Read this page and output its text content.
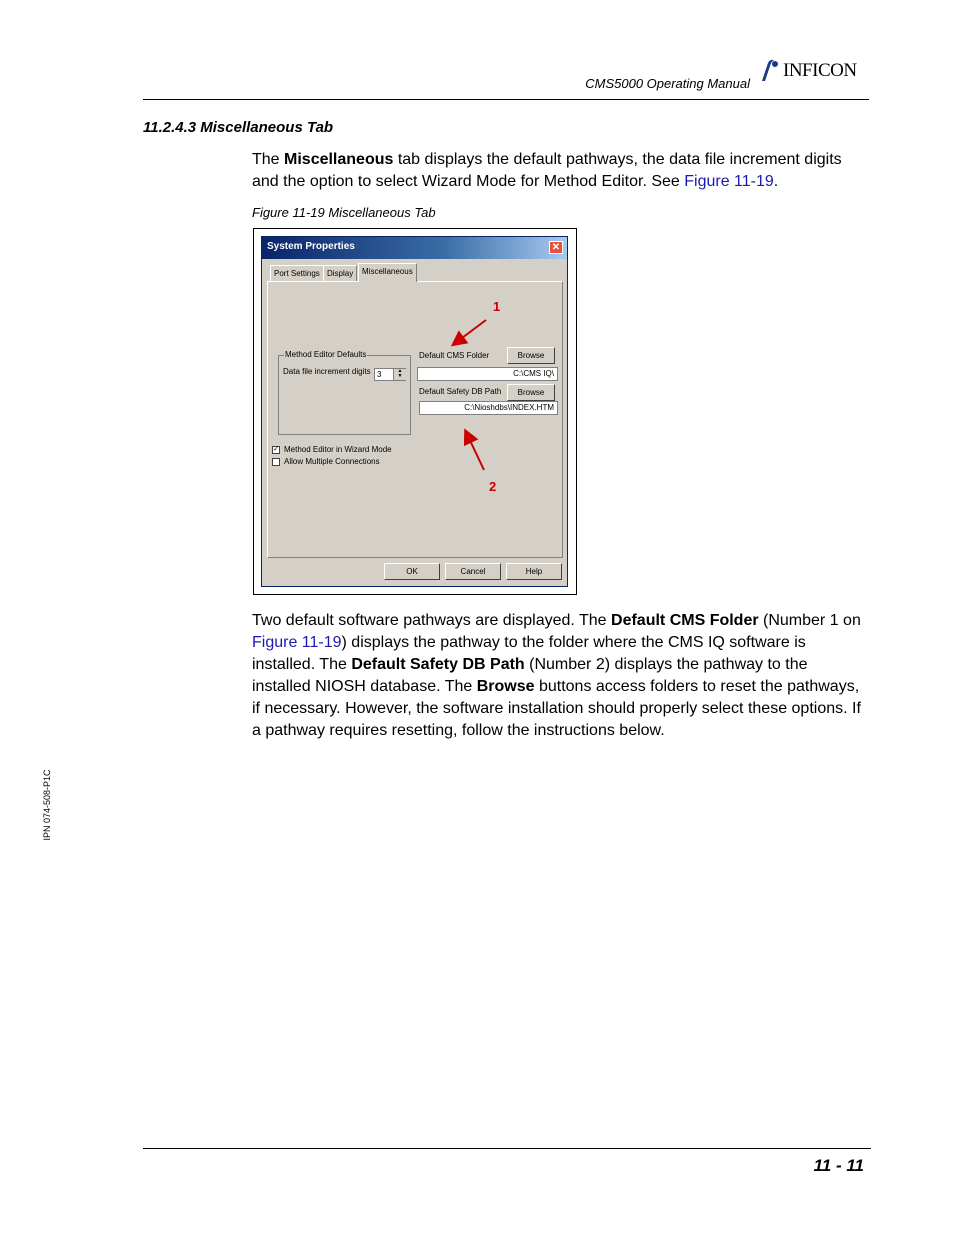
CMS5000 Operating Manual
INFICON
11.2.4.3 Miscellaneous Tab
The Miscellaneous tab displays the default pathways, the data file increment digits and the option to select Wizard Mode for Method Editor. See Figure 11-19.
Figure 11-19 Miscellaneous Tab
System Properties	✕
Port Settings Display	Miscellaneous
Method Editor Defaults
Data file increment digits 3	▲
▼
Default CMS Folder	Browse
C:\CMS IQ\
Default Safety DB Path	Browse
C:\Nioshdbs\INDEX.HTM
✓ Method Editor in Wizard Mode
Allow Multiple Connections
OK	Cancel	Help
1
2
Two default software pathways are displayed. The Default CMS Folder (Number 1 on Figure 11-19) displays the pathway to the folder where the CMS IQ software is installed. The Default Safety DB Path (Number 2) displays the pathway to the installed NIOSH database. The Browse buttons access folders to reset the pathways, if necessary. However, the software installation should properly select these options. If a pathway requires resetting, follow the instructions below.
IPN 074-508-P1C
11 - 11
